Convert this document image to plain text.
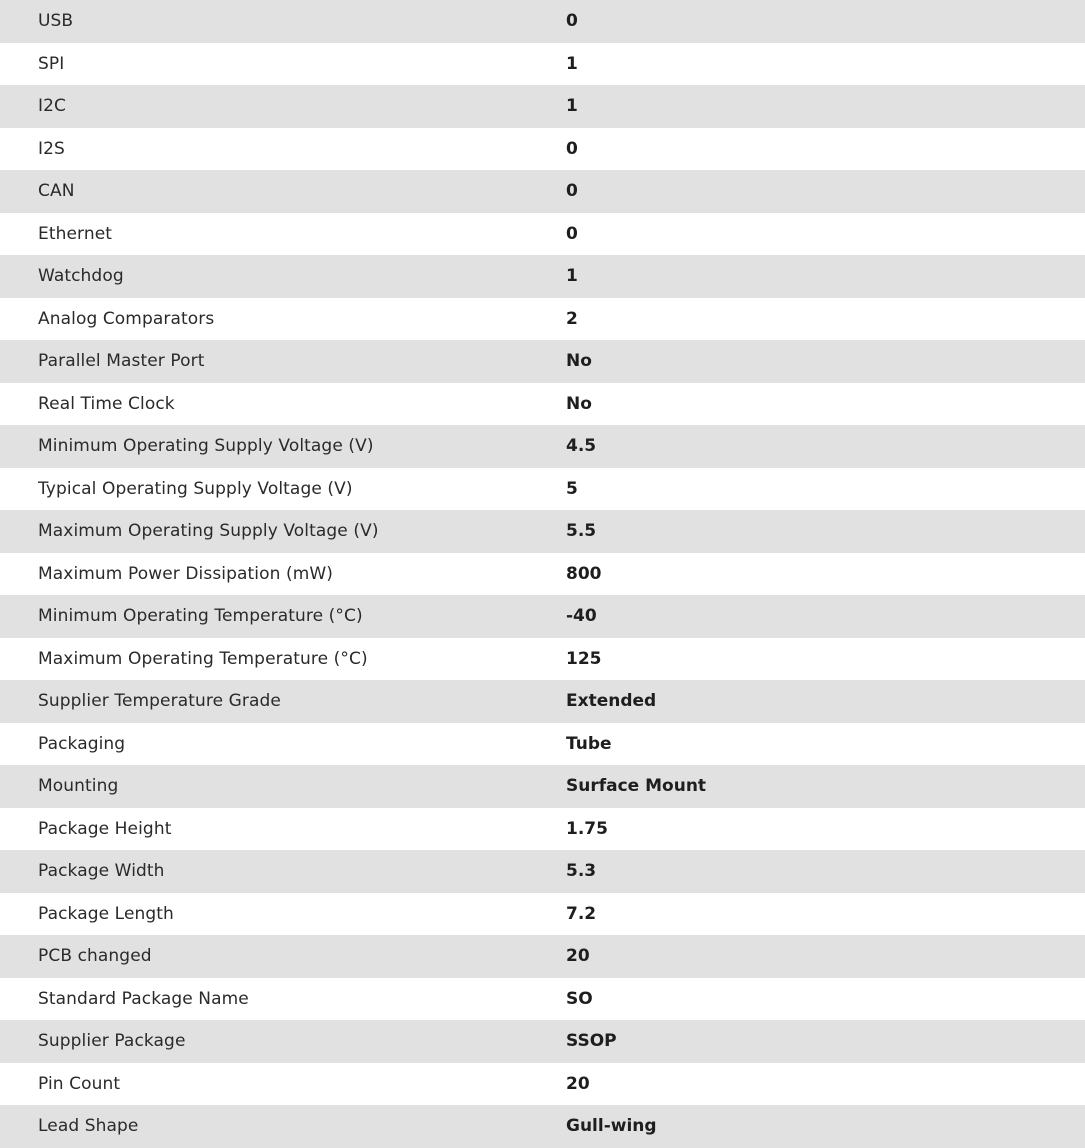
USB	0
SPI	1
I2C	1
I2S	0
CAN	0
Ethernet	0
Watchdog	1
Analog Comparators	2
Parallel Master Port	No
Real Time Clock	No
Minimum Operating Supply Voltage (V)	4.5
Typical Operating Supply Voltage (V)	5
Maximum Operating Supply Voltage (V)	5.5
Maximum Power Dissipation (mW)	800
Minimum Operating Temperature (°C)	-40
Maximum Operating Temperature (°C)	125
Supplier Temperature Grade	Extended
Packaging	Tube
Mounting	Surface Mount
Package Height	1.75
Package Width	5.3
Package Length	7.2
PCB changed	20
Standard Package Name	SO
Supplier Package	SSOP
Pin Count	20
Lead Shape	Gull-wing
